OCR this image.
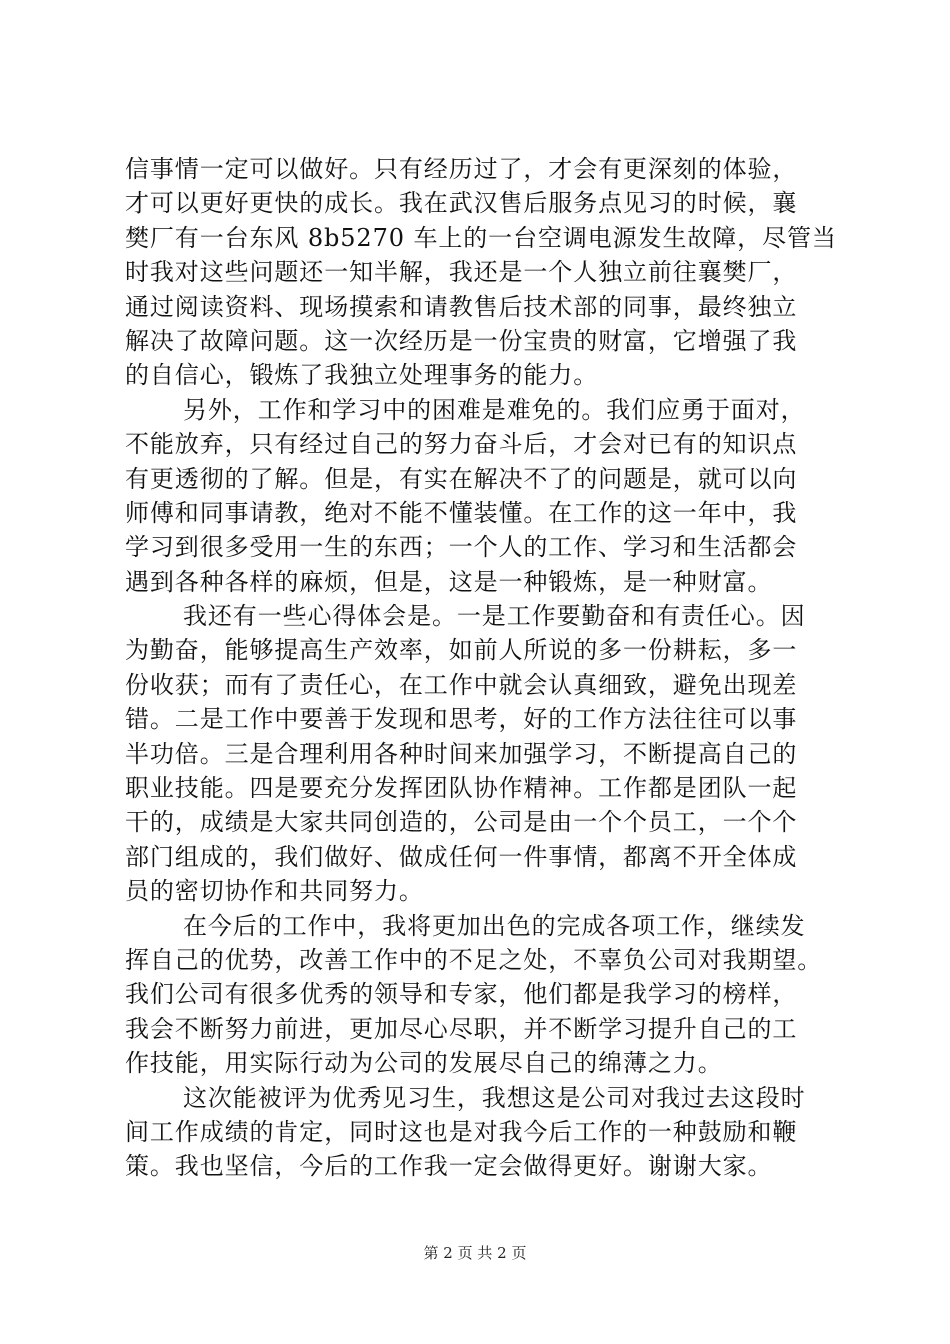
信事情一定可以做好。只有经历过了，才会有更深刻的体验，
才可以更好更快的成长。我在武汉售后服务点见习的时候，襄
樊厂有一台东风 8b5270 车上的一台空调电源发生故障，尽管当
时我对这些问题还一知半解，我还是一个人独立前往襄樊厂，
通过阅读资料、现场摸索和请教售后技术部的同事，最终独立
解决了故障问题。这一次经历是一份宝贵的财富，它增强了我
的自信心，锻炼了我独立处理事务的能力。
另外，工作和学习中的困难是难免的。我们应勇于面对，
不能放弃，只有经过自己的努力奋斗后，才会对已有的知识点
有更透彻的了解。但是，有实在解决不了的问题是，就可以向
师傅和同事请教，绝对不能不懂装懂。在工作的这一年中，我
学习到很多受用一生的东西；一个人的工作、学习和生活都会
遇到各种各样的麻烦，但是，这是一种锻炼，是一种财富。
我还有一些心得体会是。一是工作要勤奋和有责任心。因
为勤奋，能够提高生产效率，如前人所说的多一份耕耘，多一
份收获；而有了责任心，在工作中就会认真细致，避免出现差
错。二是工作中要善于发现和思考，好的工作方法往往可以事
半功倍。三是合理利用各种时间来加强学习，不断提高自己的
职业技能。四是要充分发挥团队协作精神。工作都是团队一起
干的，成绩是大家共同创造的，公司是由一个个员工，一个个
部门组成的，我们做好、做成任何一件事情，都离不开全体成
员的密切协作和共同努力。
在今后的工作中，我将更加出色的完成各项工作，继续发
挥自己的优势，改善工作中的不足之处，不辜负公司对我期望。
我们公司有很多优秀的领导和专家，他们都是我学习的榜样，
我会不断努力前进，更加尽心尽职，并不断学习提升自己的工
作技能，用实际行动为公司的发展尽自己的绵薄之力。
这次能被评为优秀见习生，我想这是公司对我过去这段时
间工作成绩的肯定，同时这也是对我今后工作的一种鼓励和鞭
策。我也坚信，今后的工作我一定会做得更好。谢谢大家。
第 2 页 共 2 页
